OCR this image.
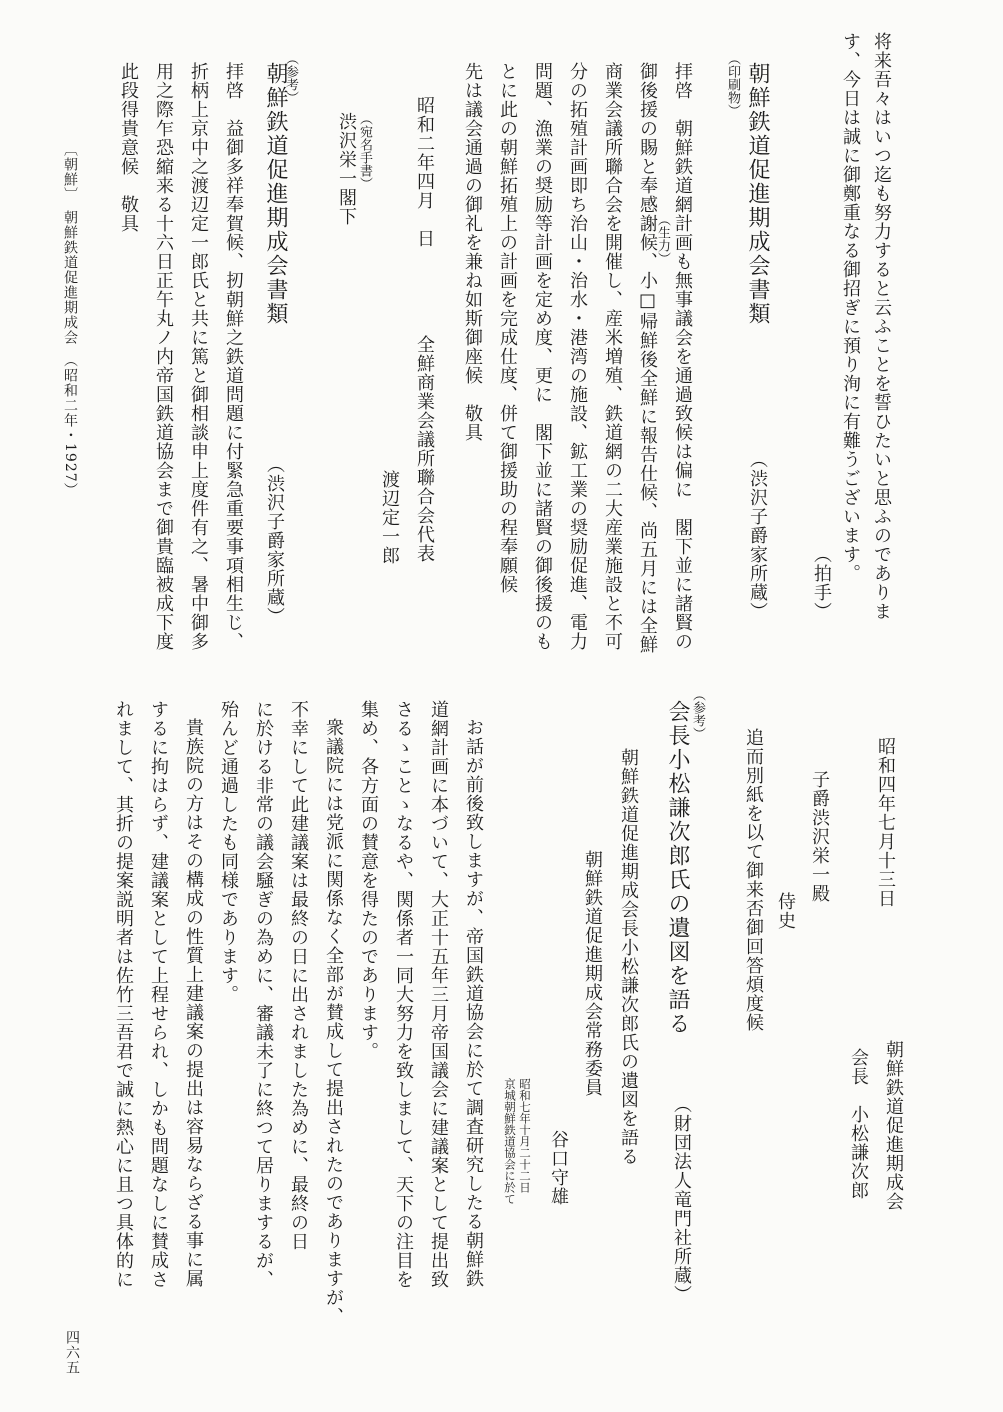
将来吾々はいつ迄も努力すると云ふことを誓ひたいと思ふのでありま
す、今日は誠に御鄭重なる御招ぎに預り洵に有難うございます。
（拍手）
（印刷物） 朝鮮鉄道促進期成会書類
（渋沢子爵家所蔵）
（生力） 拝啓　朝鮮鉄道網計画も無事議会を通過致候は偏に　閣下並に諸賢の
御後援の賜と奉感謝候、小□帰鮮後全鮮に報告仕候、尚五月には全鮮
商業会議所聯合会を開催し、産米増殖、鉄道網の二大産業施設と不可
分の拓殖計画即ち治山・治水・港湾の施設、鉱工業の奨励促進、電力
問題、漁業の奨励等計画を定め度、更に　閣下並に諸賢の御後援のも
とに此の朝鮮拓殖上の計画を完成仕度、併て御援助の程奉願候
先は議会通過の御礼を兼ね如斯御座候　敬具
昭和二年四月　日
全鮮商業会議所聯合会代表
渡辺定一郎
（宛名手書）
渋沢栄一閣下
（参考）
朝鮮鉄道促進期成会書類
（渋沢子爵家所蔵）
拝啓　益御多祥奉賀候、扨朝鮮之鉄道問題に付緊急重要事項相生じ、
折柄上京中之渡辺定一郎氏と共に篤と御相談申上度件有之、暑中御多
用之際乍恐縮来る十六日正午丸ノ内帝国鉄道協会まで御貴臨被成下度
此段得貴意候　敬具
〔朝鮮〕　朝鮮鉄道促進期成会　（昭和二年・1927）
昭和四年七月十三日
朝鮮鉄道促進期成会
会長　小松謙次郎
子爵渋沢栄一殿
侍史
追而別紙を以て御来否御回答煩度候
（参考）
会長小松謙次郎氏の遺図を語る
（財団法人竜門社所蔵）
朝鮮鉄道促進期成会長小松謙次郎氏の遺図を語る
朝鮮鉄道促進期成会常務委員
谷口守雄
昭和七年十月二十二日
京城朝鮮鉄道協会に於て
お話が前後致しますが、帝国鉄道協会に於て調査研究したる朝鮮鉄
道網計画に本づいて、大正十五年三月帝国議会に建議案として提出致
さるゝことゝなるや、関係者一同大努力を致しまして、天下の注目を
集め、各方面の賛意を得たのであります。
衆議院には党派に関係なく全部が賛成して提出されたのでありますが、
不幸にして此建議案は最終の日に出されました為めに、最終の日
に於ける非常の議会騒ぎの為めに、審議未了に終つて居りまするが、
殆んど通過したも同様であります。
貴族院の方はその構成の性質上建議案の提出は容易ならざる事に属
するに拘はらず、建議案として上程せられ、しかも問題なしに賛成さ
れまして、其折の提案説明者は佐竹三吾君で誠に熱心に且つ具体的に
四六五
